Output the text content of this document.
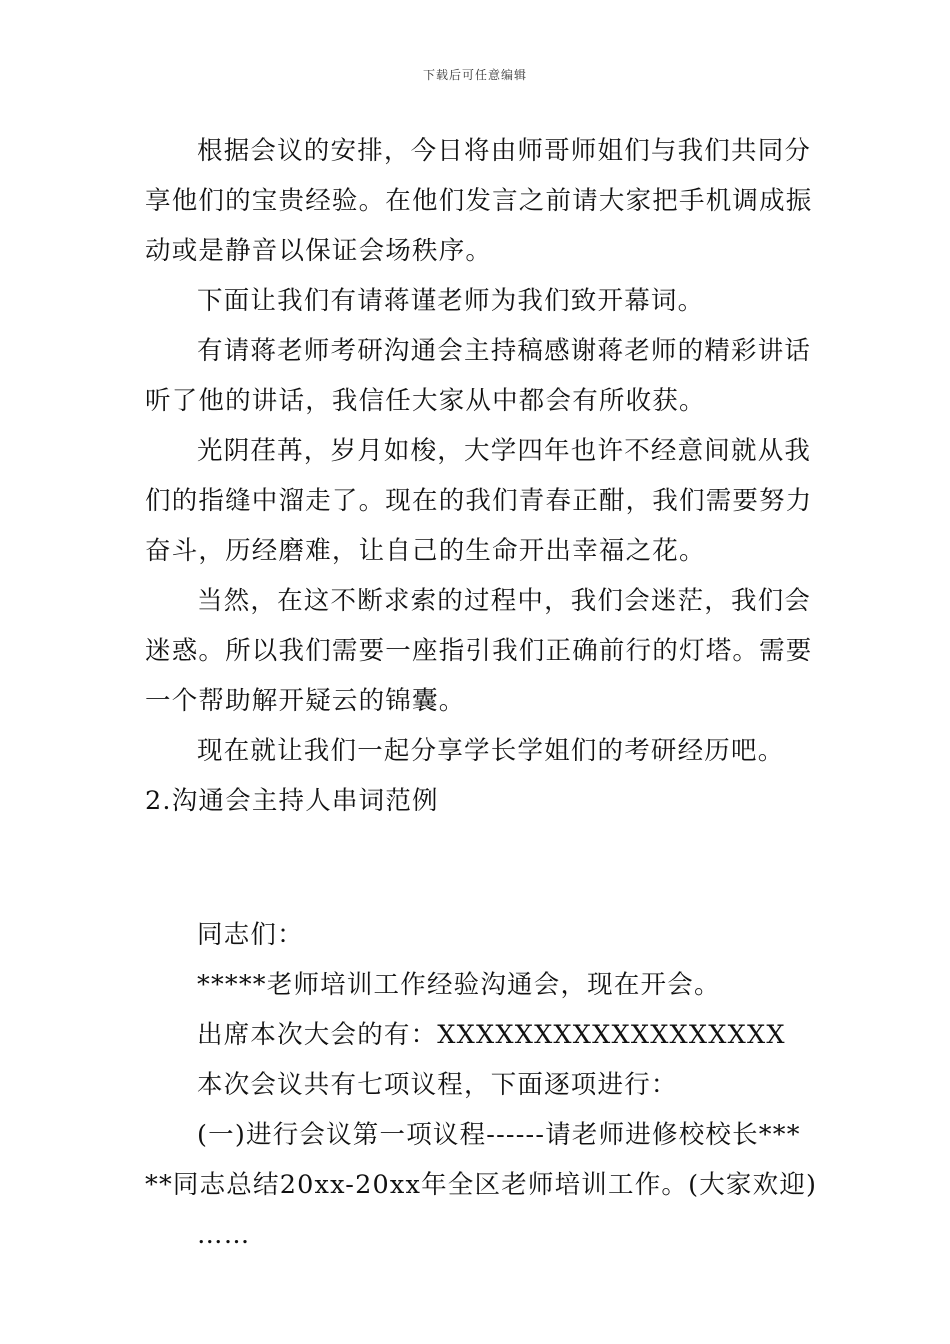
下载后可任意编辑
根据会议的安排，今日将由师哥师姐们与我们共同分
享他们的宝贵经验。在他们发言之前请大家把手机调成振
动或是静音以保证会场秩序。
下面让我们有请蒋谨老师为我们致开幕词。
有请蒋老师考研沟通会主持稿感谢蒋老师的精彩讲话
听了他的讲话，我信任大家从中都会有所收获。
光阴荏苒，岁月如梭，大学四年也许不经意间就从我
们的指缝中溜走了。现在的我们青春正酣，我们需要努力
奋斗，历经磨难，让自己的生命开出幸福之花。
当然，在这不断求索的过程中，我们会迷茫，我们会
迷惑。所以我们需要一座指引我们正确前行的灯塔。需要
一个帮助解开疑云的锦囊。
现在就让我们一起分享学长学姐们的考研经历吧。
2.沟通会主持人串词范例
同志们：
*****老师培训工作经验沟通会，现在开会。
出席本次大会的有：XXXXXXXXXXXXXXXXXX
本次会议共有七项议程，下面逐项进行：
(一)进行会议第一项议程------请老师进修校校长***
**同志总结20xx-20xx年全区老师培训工作。(大家欢迎)
……
